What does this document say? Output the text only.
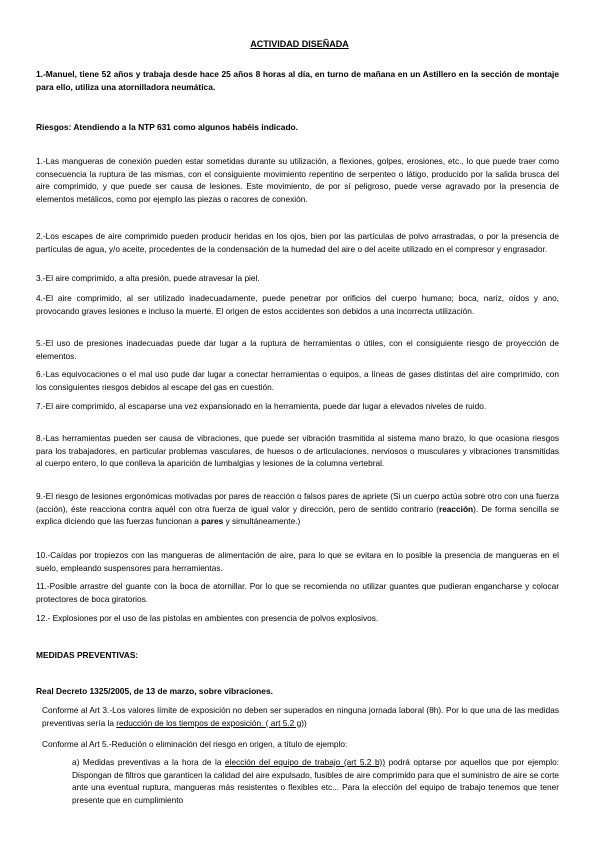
ACTIVIDAD DISEÑADA
1.-Manuel, tiene 52 años y trabaja desde hace 25 años 8 horas al día, en turno de mañana en un Astillero en la sección de montaje para ello, utiliza una atornilladora neumática.
Riesgos: Atendiendo a la NTP 631 como algunos habéis indicado.
1.-Las mangueras de conexión pueden estar sometidas durante su utilización, a flexiones, golpes, erosiones, etc., lo que puede traer como consecuencia la ruptura de las mismas, con el consiguiente movimiento repentino de serpenteo o látigo, producido por la salida brusca del aire comprimido, y que puede ser causa de lesiones. Este movimiento, de por sí peligroso, puede verse agravado por la presencia de elementos metálicos, como por ejemplo las piezas o racores de conexión.
2.-Los escapes de aire comprimido pueden producir heridas en los ojos, bien por las partículas de polvo arrastradas, o por la presencia de partículas de agua, y/o aceite, procedentes de la condensación de la humedad del aire o del aceite utilizado en el compresor y engrasador.
3.-El aire comprimido, a alta presión, puede atravesar la piel.
4.-El aire comprimido, al ser utilizado inadecuadamente, puede penetrar por orificios del cuerpo humano; boca, nariz, oídos y ano, provocando graves lesiones e incluso la muerte. El origen de estos accidentes son debidos a una incorrecta utilización.
5.-El uso de presiones inadecuadas puede dar lugar a la ruptura de herramientas o útiles, con el consiguiente riesgo de proyección de elementos.
6.-Las equivocaciones o el mal uso pude dar lugar a conectar herramientas o equipos, a líneas de gases distintas del aire comprimido, con los consiguientes riesgos debidos al escape del gas en cuestión.
7.-El aire comprimido, al escaparse una vez expansionado en la herramienta, puede dar lugar a elevados niveles de ruido.
8.-Las herramientas pueden ser causa de vibraciones, que puede ser vibración trasmitida al sistema mano brazo, lo que ocasiona riesgos para los trabajadores, en particular problemas vasculares, de huesos o de articulaciones, nerviosos o musculares y vibraciones transmitidas al cuerpo entero, lo que conlleva la aparición de lumbalgias y lesiones de la columna vertebral.
9.-El riesgo de lesiones ergonómicas motivadas por pares de reacción o falsos pares de apriete (Si un cuerpo actúa sobre otro con una fuerza (acción), éste reacciona contra aquél con otra fuerza de igual valor y dirección, pero de sentido contrario (reacción). De forma sencilla se explica diciendo que las fuerzas funcionan a pares y simultáneamente.)
10.-Caídas por tropiezos con las mangueras de alimentación de aire, para lo que se evitara en lo posible la presencia de mangueras en el suelo, empleando suspensores para herramientas.
11.-Posible arrastre del guante con la boca de atornillar. Por lo que se recomienda no utilizar guantes que pudieran engancharse y colocar protectores de boca giratorios.
12.- Explosiones por el uso de las pistolas en ambientes con presencia de polvos explosivos.
MEDIDAS PREVENTIVAS:
Real Decreto 1325/2005, de 13 de marzo, sobre vibraciones.
Conforme al Art 3.-Los valores límite de exposición no deben ser superados en ninguna jornada laboral (8h). Por lo que una de las medidas preventivas sería la reducción de los tiempos de exposición. ( art 5.2 g))
Conforme al Art 5.-Redución o eliminación del riesgo en origen, a título de ejemplo:
a) Medidas preventivas a la hora de la elección del equipo de trabajo (art 5.2 b)) podrá optarse por aquellos que por ejemplo: Dispongan de filtros que garanticen la calidad del aire expulsado, fusibles de aire comprimido para que el suministro de aire se corte ante una eventual ruptura, mangueras más resistentes o flexibles etc... Para la elección del equipo de trabajo tenemos que tener presente que en cumplimiento
